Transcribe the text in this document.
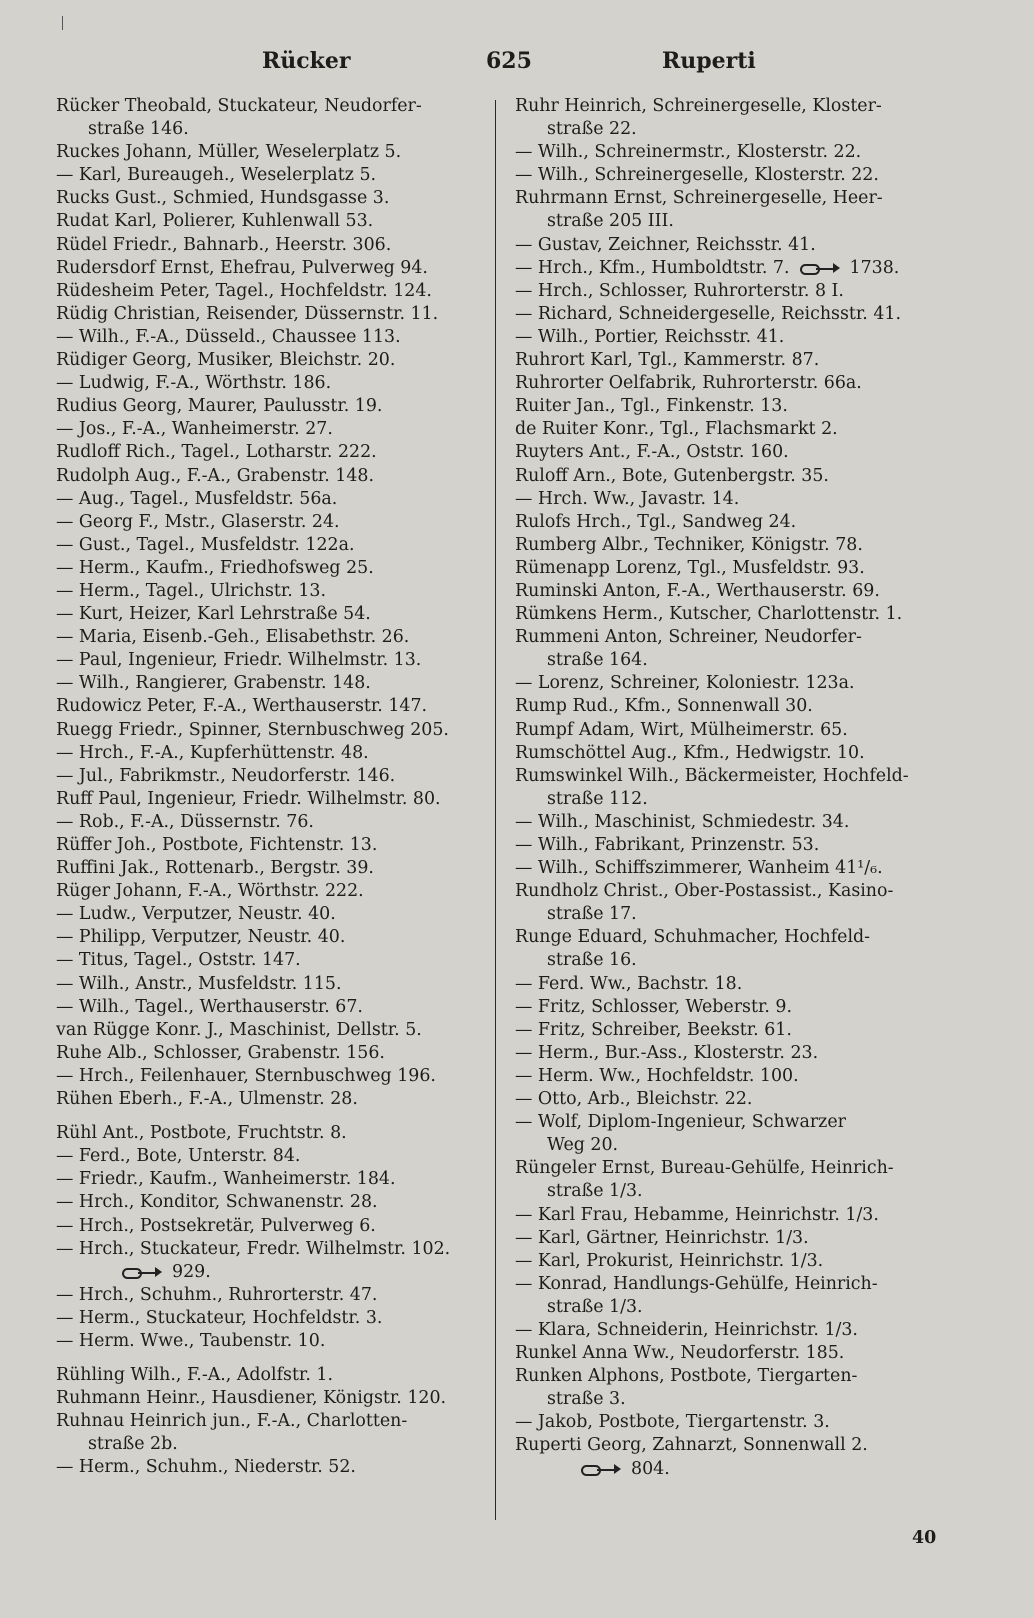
Rücker	625	Ruperti
Rücker Theobald, Stuckateur, Neudorfer-
straße 146.
Ruckes Johann, Müller, Weselerplatz 5.
— Karl, Bureaugeh., Weselerplatz 5.
Rucks Gust., Schmied, Hundsgasse 3.
Rudat Karl, Polierer, Kuhlenwall 53.
Rüdel Friedr., Bahnarb., Heerstr. 306.
Rudersdorf Ernst, Ehefrau, Pulverweg 94.
Rüdesheim Peter, Tagel., Hochfeldstr. 124.
Rüdig Christian, Reisender, Düssernstr. 11.
— Wilh., F.-A., Düsseld., Chaussee 113.
Rüdiger Georg, Musiker, Bleichstr. 20.
— Ludwig, F.-A., Wörthstr. 186.
Rudius Georg, Maurer, Paulusstr. 19.
— Jos., F.-A., Wanheimerstr. 27.
Rudloff Rich., Tagel., Lotharstr. 222.
Rudolph Aug., F.-A., Grabenstr. 148.
— Aug., Tagel., Musfeldstr. 56a.
— Georg F., Mstr., Glaserstr. 24.
— Gust., Tagel., Musfeldstr. 122a.
— Herm., Kaufm., Friedhofsweg 25.
— Herm., Tagel., Ulrichstr. 13.
— Kurt, Heizer, Karl Lehrstraße 54.
— Maria, Eisenb.-Geh., Elisabethstr. 26.
— Paul, Ingenieur, Friedr. Wilhelmstr. 13.
— Wilh., Rangierer, Grabenstr. 148.
Rudowicz Peter, F.-A., Werthauserstr. 147.
Ruegg Friedr., Spinner, Sternbuschweg 205.
— Hrch., F.-A., Kupferhüttenstr. 48.
— Jul., Fabrikmstr., Neudorferstr. 146.
Ruff Paul, Ingenieur, Friedr. Wilhelmstr. 80.
— Rob., F.-A., Düssernstr. 76.
Rüffer Joh., Postbote, Fichtenstr. 13.
Ruffini Jak., Rottenarb., Bergstr. 39.
Rüger Johann, F.-A., Wörthstr. 222.
— Ludw., Verputzer, Neustr. 40.
— Philipp, Verputzer, Neustr. 40.
— Titus, Tagel., Oststr. 147.
— Wilh., Anstr., Musfeldstr. 115.
— Wilh., Tagel., Werthauserstr. 67.
van Rügge Konr. J., Maschinist, Dellstr. 5.
Ruhe Alb., Schlosser, Grabenstr. 156.
— Hrch., Feilenhauer, Sternbuschweg 196.
Rühen Eberh., F.-A., Ulmenstr. 28.
Rühl Ant., Postbote, Fruchtstr. 8.
— Ferd., Bote, Unterstr. 84.
— Friedr., Kaufm., Wanheimerstr. 184.
— Hrch., Konditor, Schwanenstr. 28.
— Hrch., Postsekretär, Pulverweg 6.
— Hrch., Stuckateur, Fredr. Wilhelmstr. 102.
929.
— Hrch., Schuhm., Ruhrorterstr. 47.
— Herm., Stuckateur, Hochfeldstr. 3.
— Herm. Wwe., Taubenstr. 10.
Rühling Wilh., F.-A., Adolfstr. 1.
Ruhmann Heinr., Hausdiener, Königstr. 120.
Ruhnau Heinrich jun., F.-A., Charlotten-
straße 2b.
— Herm., Schuhm., Niederstr. 52.
Ruhr Heinrich, Schreinergeselle, Kloster-
straße 22.
— Wilh., Schreinermstr., Klosterstr. 22.
— Wilh., Schreinergeselle, Klosterstr. 22.
Ruhrmann Ernst, Schreinergeselle, Heer-
straße 205 III.
— Gustav, Zeichner, Reichsstr. 41.
— Hrch., Kfm., Humboldtstr. 7.	1738.
— Hrch., Schlosser, Ruhrorterstr. 8 I.
— Richard, Schneidergeselle, Reichsstr. 41.
— Wilh., Portier, Reichsstr. 41.
Ruhrort Karl, Tgl., Kammerstr. 87.
Ruhrorter Oelfabrik, Ruhrorterstr. 66a.
Ruiter Jan., Tgl., Finkenstr. 13.
de Ruiter Konr., Tgl., Flachsmarkt 2.
Ruyters Ant., F.-A., Oststr. 160.
Ruloff Arn., Bote, Gutenbergstr. 35.
— Hrch. Ww., Javastr. 14.
Rulofs Hrch., Tgl., Sandweg 24.
Rumberg Albr., Techniker, Königstr. 78.
Rümenapp Lorenz, Tgl., Musfeldstr. 93.
Ruminski Anton, F.-A., Werthauserstr. 69.
Rümkens Herm., Kutscher, Charlottenstr. 1.
Rummeni Anton, Schreiner, Neudorfer-
straße 164.
— Lorenz, Schreiner, Koloniestr. 123a.
Rump Rud., Kfm., Sonnenwall 30.
Rumpf Adam, Wirt, Mülheimerstr. 65.
Rumschöttel Aug., Kfm., Hedwigstr. 10.
Rumswinkel Wilh., Bäckermeister, Hochfeld-
straße 112.
— Wilh., Maschinist, Schmiedestr. 34.
— Wilh., Fabrikant, Prinzenstr. 53.
— Wilh., Schiffszimmerer, Wanheim 41¹/₆.
Rundholz Christ., Ober-Postassist., Kasino-
straße 17.
Runge Eduard, Schuhmacher, Hochfeld-
straße 16.
— Ferd. Ww., Bachstr. 18.
— Fritz, Schlosser, Weberstr. 9.
— Fritz, Schreiber, Beekstr. 61.
— Herm., Bur.-Ass., Klosterstr. 23.
— Herm. Ww., Hochfeldstr. 100.
— Otto, Arb., Bleichstr. 22.
— Wolf, Diplom-Ingenieur, Schwarzer
Weg 20.
Rüngeler Ernst, Bureau-Gehülfe, Heinrich-
straße 1/3.
— Karl Frau, Hebamme, Heinrichstr. 1/3.
— Karl, Gärtner, Heinrichstr. 1/3.
— Karl, Prokurist, Heinrichstr. 1/3.
— Konrad, Handlungs-Gehülfe, Heinrich-
straße 1/3.
— Klara, Schneiderin, Heinrichstr. 1/3.
Runkel Anna Ww., Neudorferstr. 185.
Runken Alphons, Postbote, Tiergarten-
straße 3.
— Jakob, Postbote, Tiergartenstr. 3.
Ruperti Georg, Zahnarzt, Sonnenwall 2.
804.
40
